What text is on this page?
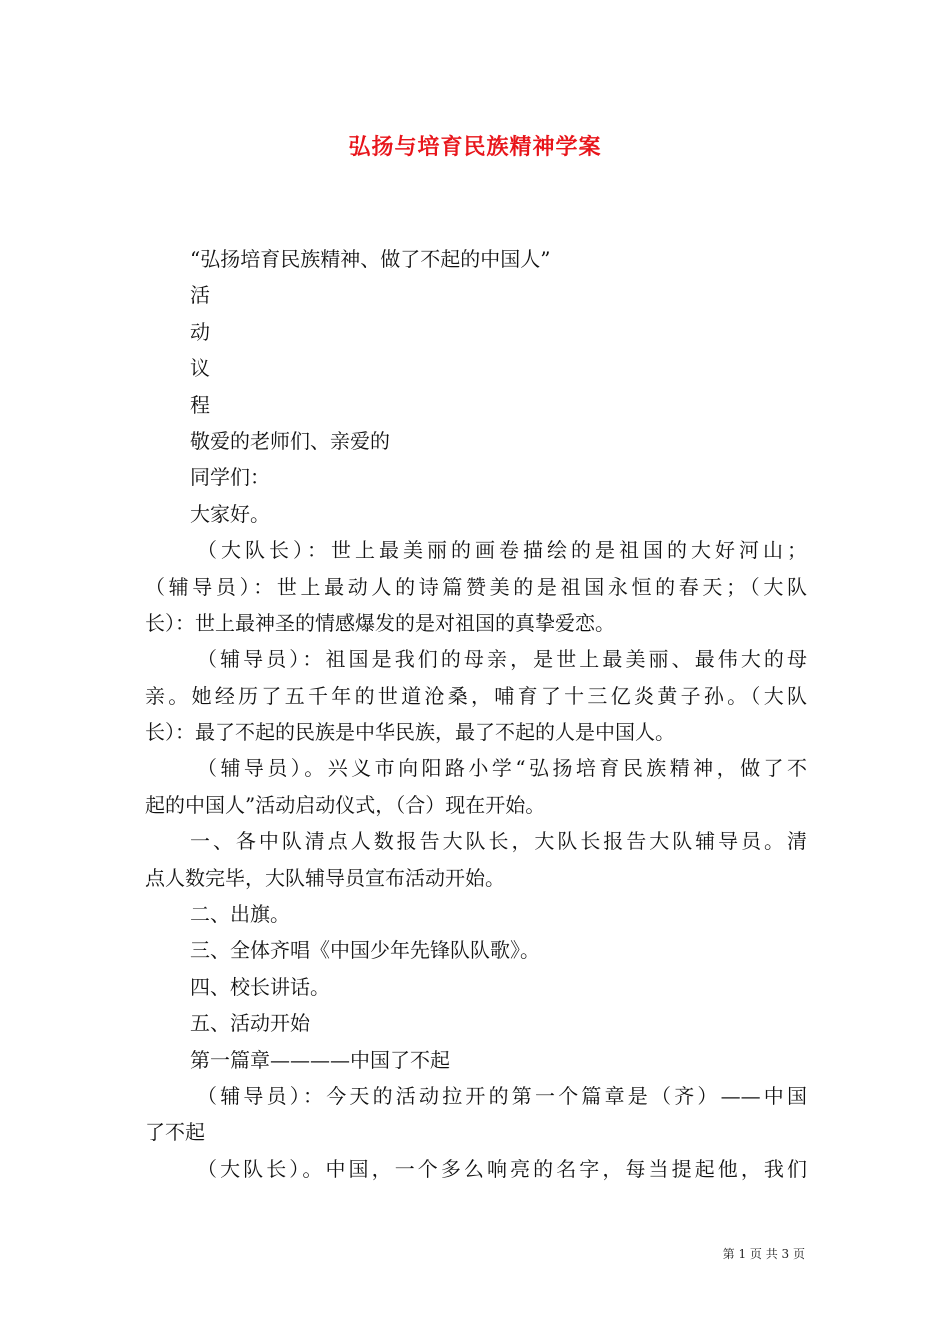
弘扬与培育民族精神学案
“弘扬培育民族精神、做了不起的中国人”
活
动
议
程
敬爱的老师们、亲爱的
同学们：
大家好。
（大队长）：世上最美丽的画卷描绘的是祖国的大好河山；
（辅导员）：世上最动人的诗篇赞美的是祖国永恒的春天；（大队
长）：世上最神圣的情感爆发的是对祖国的真挚爱恋。
（辅导员）：祖国是我们的母亲，是世上最美丽、最伟大的母
亲。她经历了五千年的世道沧桑，哺育了十三亿炎黄子孙。（大队
长）：最了不起的民族是中华民族，最了不起的人是中国人。
（辅导员）。兴义市向阳路小学“弘扬培育民族精神，做了不
起的中国人”活动启动仪式，（合）现在开始。
一、各中队清点人数报告大队长，大队长报告大队辅导员。清
点人数完毕，大队辅导员宣布活动开始。
二、出旗。
三、全体齐唱《中国少年先锋队队歌》。
四、校长讲话。
五、活动开始
第一篇章————中国了不起
（辅导员）：今天的活动拉开的第一个篇章是（齐）——中国
了不起
（大队长）。中国，一个多么响亮的名字，每当提起他，我们
第 1 页 共 3 页
